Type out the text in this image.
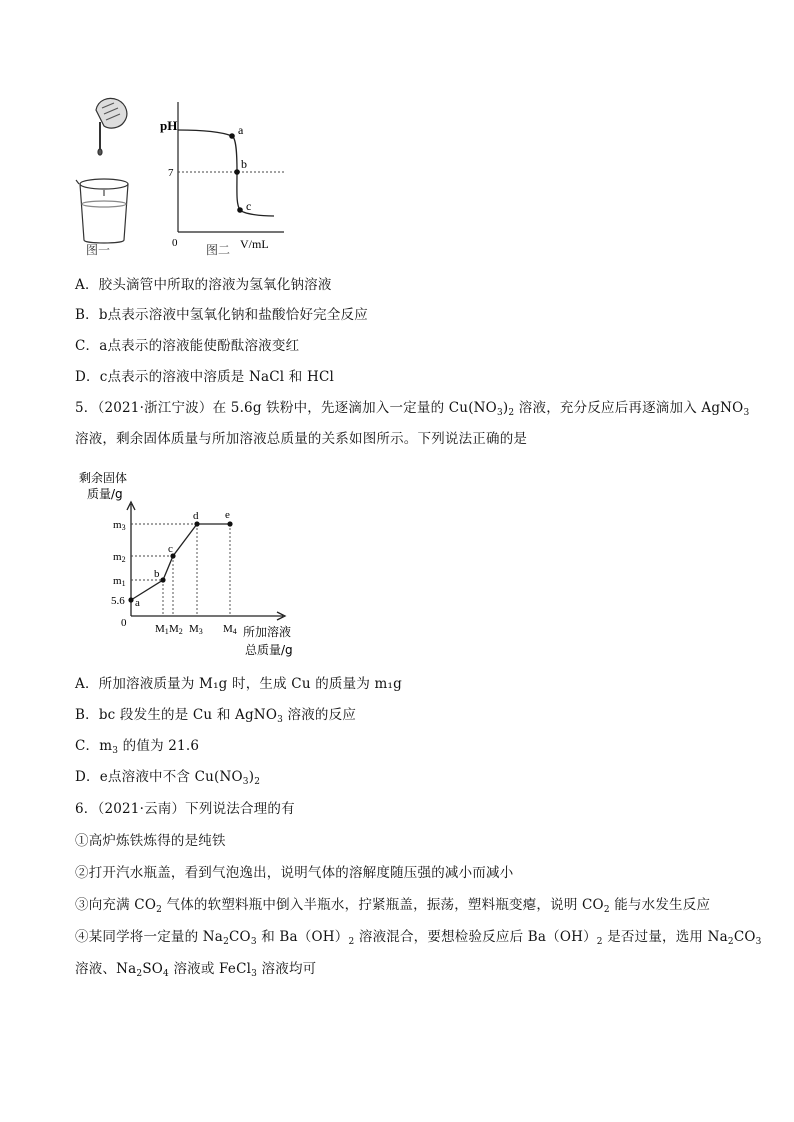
图一
pH
7
0	V/mL
a
b
c
图二
A．胶头滴管中所取的溶液为氢氧化钠溶液
B．b点表示溶液中氢氧化钠和盐酸恰好完全反应
C．a点表示的溶液能使酚酞溶液变红
D．c点表示的溶液中溶质是 NaCl 和 HCl
5．（2021·浙江宁波）在 5.6g 铁粉中，先逐滴加入一定量的 $Cu(NO_3)_2$ 溶液，充分反应后再逐滴加入 AgNO$_3$
溶液，剩余固体质量与所加溶液总质量的关系如图所示。下列说法正确的是
a
b
c
d e
剩余固体
质量/g
所加溶液
总质量/g
5.6
m1
m2
m3
0	M1 M2 M3 M4
A．所加溶液质量为 M₁g 时，生成 Cu 的质量为 m₁g
B．bc 段发生的是 Cu 和 AgNO$_3$ 溶液的反应
C．$m_3$ 的值为 21.6
D．e点溶液中不含 $Cu(NO_3)_2$
6．（2021·云南）下列说法合理的有
①高炉炼铁炼得的是纯铁
②打开汽水瓶盖，看到气泡逸出，说明气体的溶解度随压强的减小而减小
③向充满 $CO_2$ 气体的软塑料瓶中倒入半瓶水，拧紧瓶盖，振荡，塑料瓶变瘪，说明 $CO_2$ 能与水发生反应
④某同学将一定量的 $Na_2CO_3$ 和 $Ba(OH)_2$ 溶液混合，要想检验反应后 $Ba(OH)_2$ 是否过量，选用 $Na_2CO_3$
溶液、$Na_2SO_4$ 溶液或 FeCl$_3$ 溶液均可
